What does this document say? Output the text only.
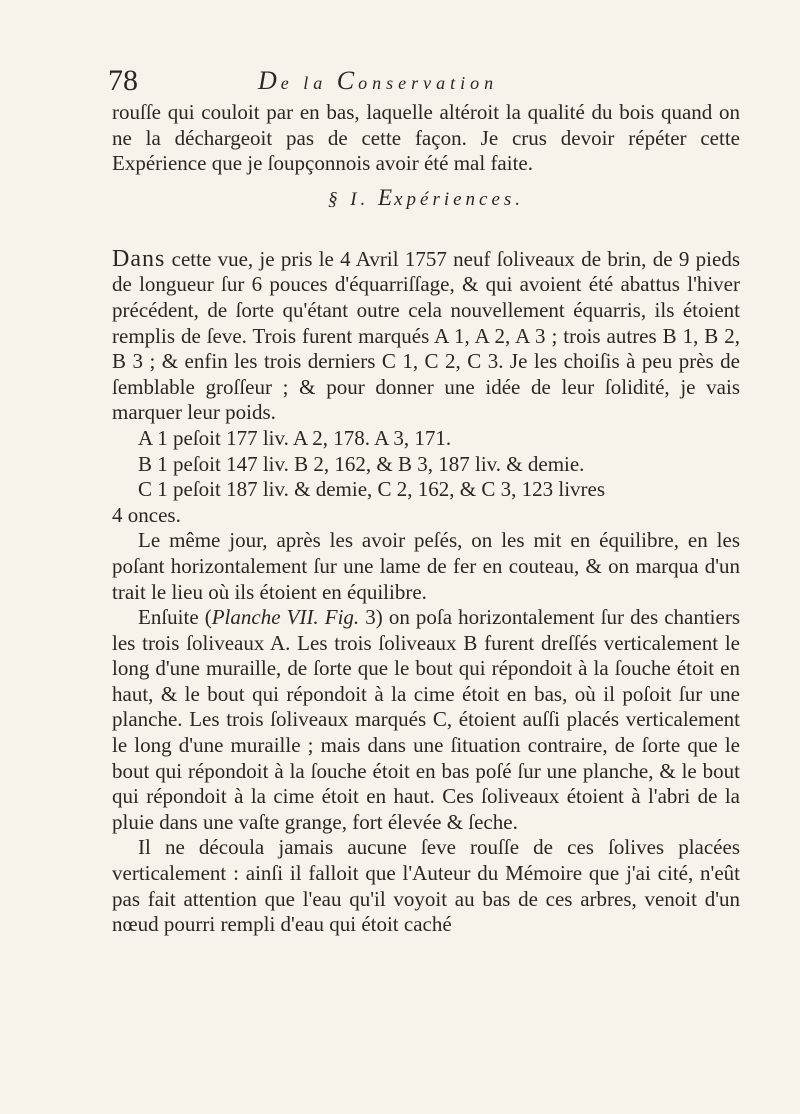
78	De la Conservation

rouſſe qui couloit par en bas, laquelle altéroit la qualité du bois quand on ne la déchargeoit pas de cette façon. Je crus devoir répéter cette Expérience que je ſoupçonnois avoir été mal faite.

§ I. Expériences.

Dans cette vue, je pris le 4 Avril 1757 neuf ſoliveaux de brin, de 9 pieds de longueur ſur 6 pouces d'équarriſſage, & qui avoient été abattus l'hiver précédent, de ſorte qu'étant outre cela nouvellement équarris, ils étoient remplis de ſeve. Trois furent marqués A 1, A 2, A 3 ; trois autres B 1, B 2, B 3 ; & enfin les trois derniers C 1, C 2, C 3. Je les choiſis à peu près de ſemblable groſſeur ; & pour donner une idée de leur ſolidité, je vais marquer leur poids.

A 1 peſoit 177 liv. A 2, 178. A 3, 171.

B 1 peſoit 147 liv. B 2, 162, & B 3, 187 liv. & demie.

C 1 peſoit 187 liv. & demie, C 2, 162, & C 3, 123 livres

4 onces.

Le même jour, après les avoir peſés, on les mit en équilibre, en les poſant horizontalement ſur une lame de fer en couteau, & on marqua d'un trait le lieu où ils étoient en équilibre.

Enſuite (Planche VII. Fig. 3) on poſa horizontalement ſur des chantiers les trois ſoliveaux A. Les trois ſoliveaux B furent dreſſés verticalement le long d'une muraille, de ſorte que le bout qui répondoit à la ſouche étoit en haut, & le bout qui répondoit à la cime étoit en bas, où il poſoit ſur une planche. Les trois ſoliveaux marqués C, étoient auſſi placés verticalement le long d'une muraille ; mais dans une ſituation contraire, de ſorte que le bout qui répondoit à la ſouche étoit en bas poſé ſur une planche, & le bout qui répondoit à la cime étoit en haut. Ces ſoliveaux étoient à l'abri de la pluie dans une vaſte grange, fort élevée & ſeche.

Il ne découla jamais aucune ſeve rouſſe de ces ſolives placées verticalement : ainſi il falloit que l'Auteur du Mémoire que j'ai cité, n'eût pas fait attention que l'eau qu'il voyoit au bas de ces arbres, venoit d'un nœud pourri rempli d'eau qui étoit caché
